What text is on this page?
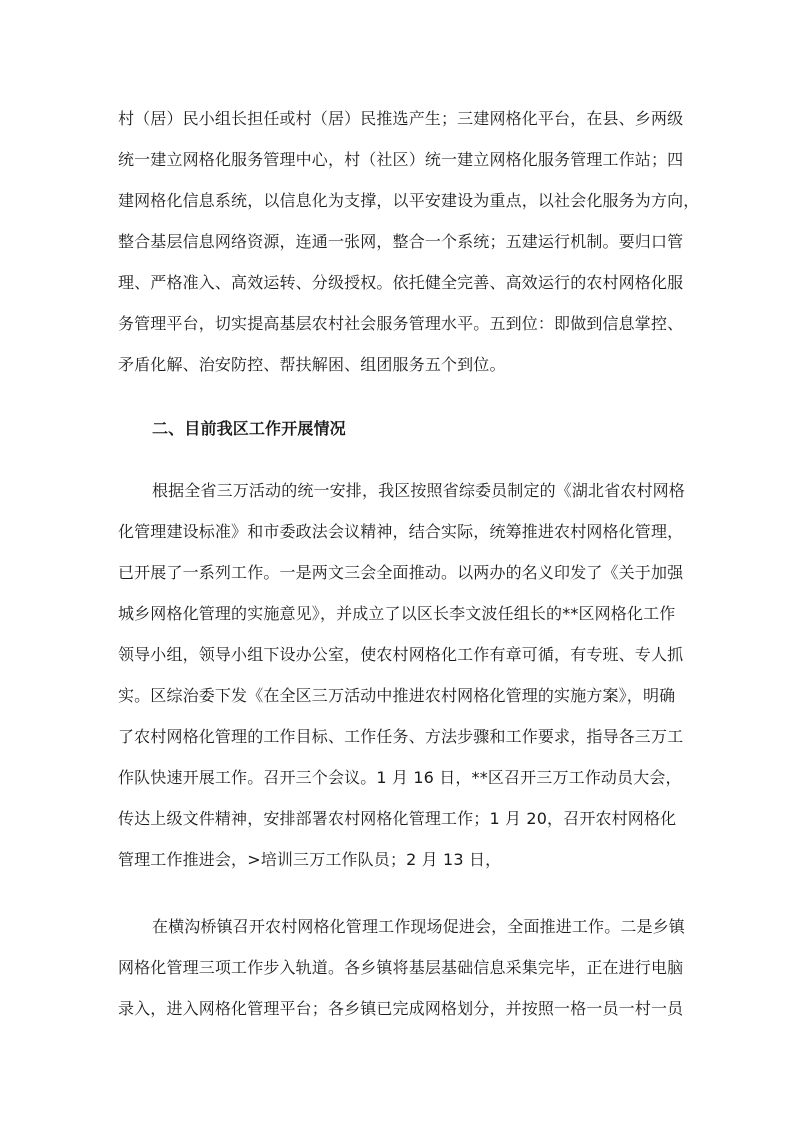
村（居）民小组长担任或村（居）民推选产生；三建网格化平台，在县、乡两级
统一建立网格化服务管理中心，村（社区）统一建立网格化服务管理工作站；四
建网格化信息系统，以信息化为支撑，以平安建设为重点，以社会化服务为方向，
整合基层信息网络资源，连通一张网，整合一个系统；五建运行机制。要归口管
理、严格准入、高效运转、分级授权。依托健全完善、高效运行的农村网格化服
务管理平台，切实提高基层农村社会服务管理水平。五到位：即做到信息掌控、
矛盾化解、治安防控、帮扶解困、组团服务五个到位。
二、目前我区工作开展情况
根据全省三万活动的统一安排，我区按照省综委员制定的《湖北省农村网格
化管理建设标准》和市委政法会议精神，结合实际，统筹推进农村网格化管理，
已开展了一系列工作。一是两文三会全面推动。以两办的名义印发了《关于加强
城乡网格化管理的实施意见》，并成立了以区长李文波任组长的**区网格化工作
领导小组，领导小组下设办公室，使农村网格化工作有章可循，有专班、专人抓
实。区综治委下发《在全区三万活动中推进农村网格化管理的实施方案》，明确
了农村网格化管理的工作目标、工作任务、方法步骤和工作要求，指导各三万工
作队快速开展工作。召开三个会议。1 月 16 日，**区召开三万工作动员大会，
传达上级文件精神，安排部署农村网格化管理工作；1 月 20，召开农村网格化
管理工作推进会，>培训三万工作队员；2 月 13 日，
在横沟桥镇召开农村网格化管理工作现场促进会，全面推进工作。二是乡镇
网格化管理三项工作步入轨道。各乡镇将基层基础信息采集完毕，正在进行电脑
录入，进入网格化管理平台；各乡镇已完成网格划分，并按照一格一员一村一员
